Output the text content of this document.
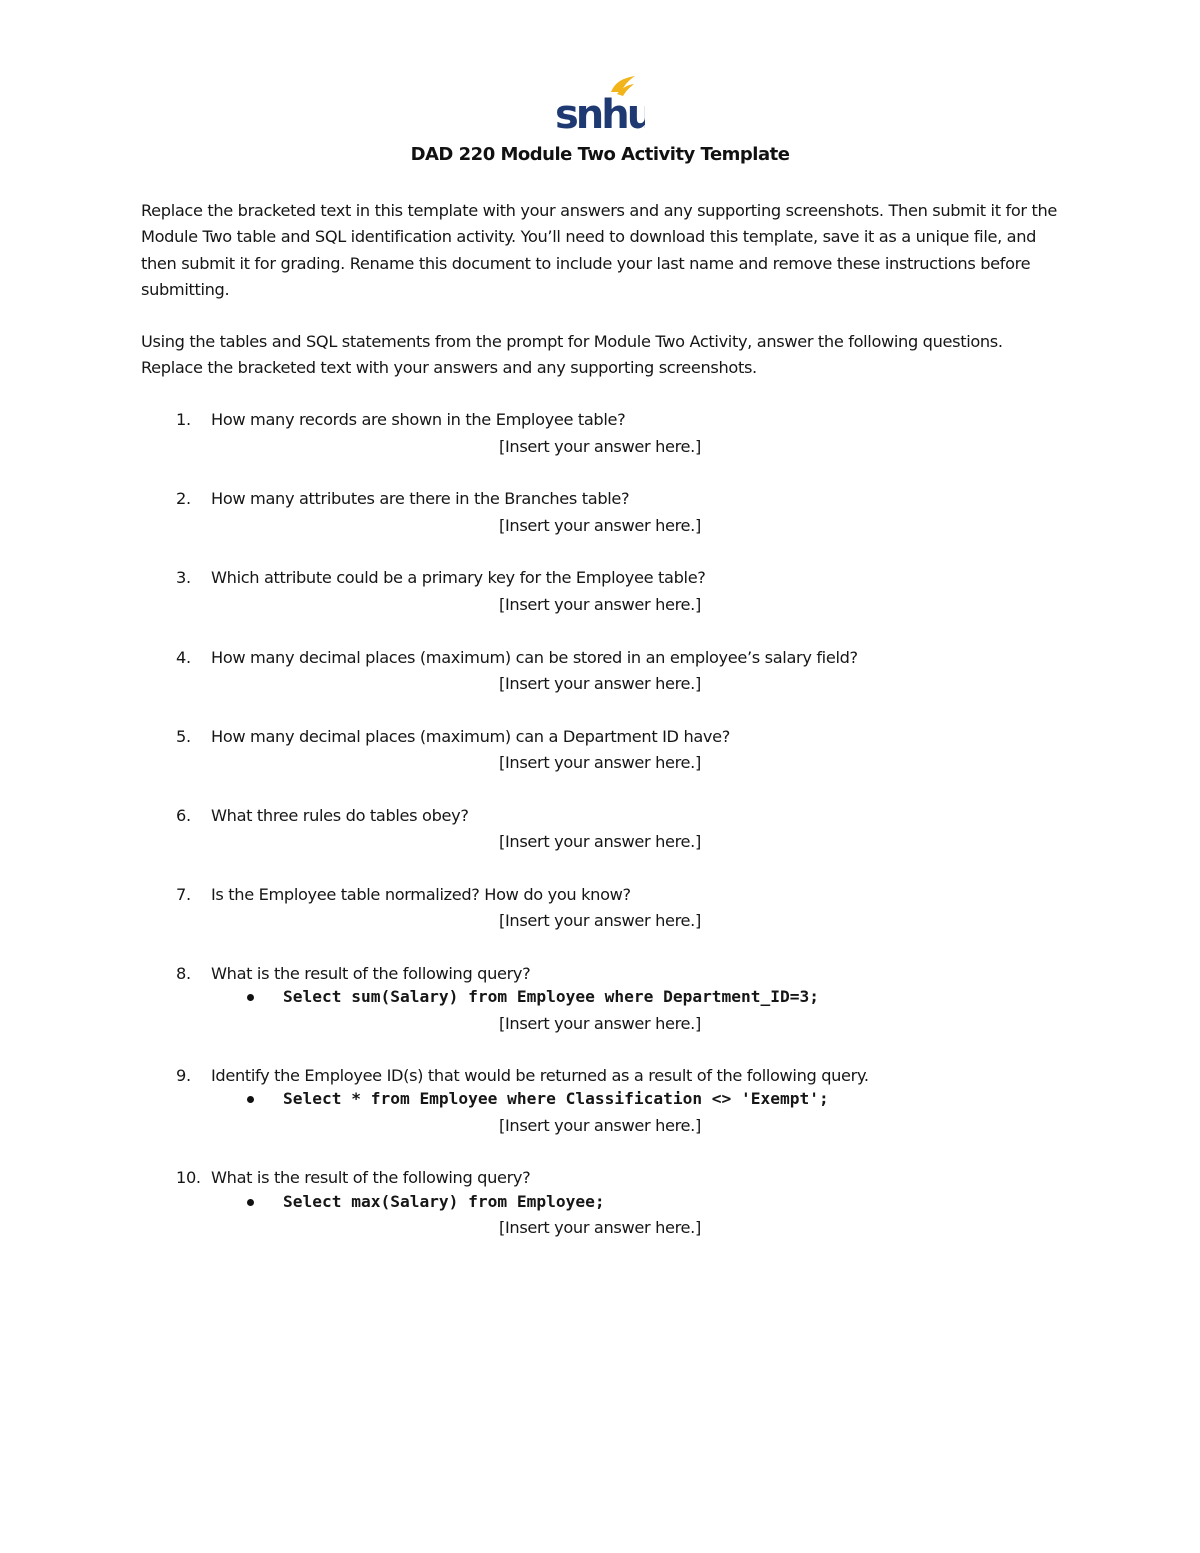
snhu
DAD 220 Module Two Activity Template
Replace the bracketed text in this template with your answers and any supporting screenshots. Then submit it for the Module Two table and SQL identification activity. You’ll need to download this template, save it as a unique file, and then submit it for grading. Rename this document to include your last name and remove these instructions before submitting.
Using the tables and SQL statements from the prompt for Module Two Activity, answer the following questions. Replace the bracketed text with your answers and any supporting screenshots.
1.	How many records are shown in the Employee table?
[Insert your answer here.]
2.	How many attributes are there in the Branches table?
[Insert your answer here.]
3.	Which attribute could be a primary key for the Employee table?
[Insert your answer here.]
4.	How many decimal places (maximum) can be stored in an employee’s salary field?
[Insert your answer here.]
5.	How many decimal places (maximum) can a Department ID have?
[Insert your answer here.]
6.	What three rules do tables obey?
[Insert your answer here.]
7.	Is the Employee table normalized? How do you know?
[Insert your answer here.]
8.	What is the result of the following query?
Select sum(Salary) from Employee where Department_ID=3;
[Insert your answer here.]
9.	Identify the Employee ID(s) that would be returned as a result of the following query.
Select * from Employee where Classification <> 'Exempt';
[Insert your answer here.]
10. What is the result of the following query?
Select max(Salary) from Employee;
[Insert your answer here.]
